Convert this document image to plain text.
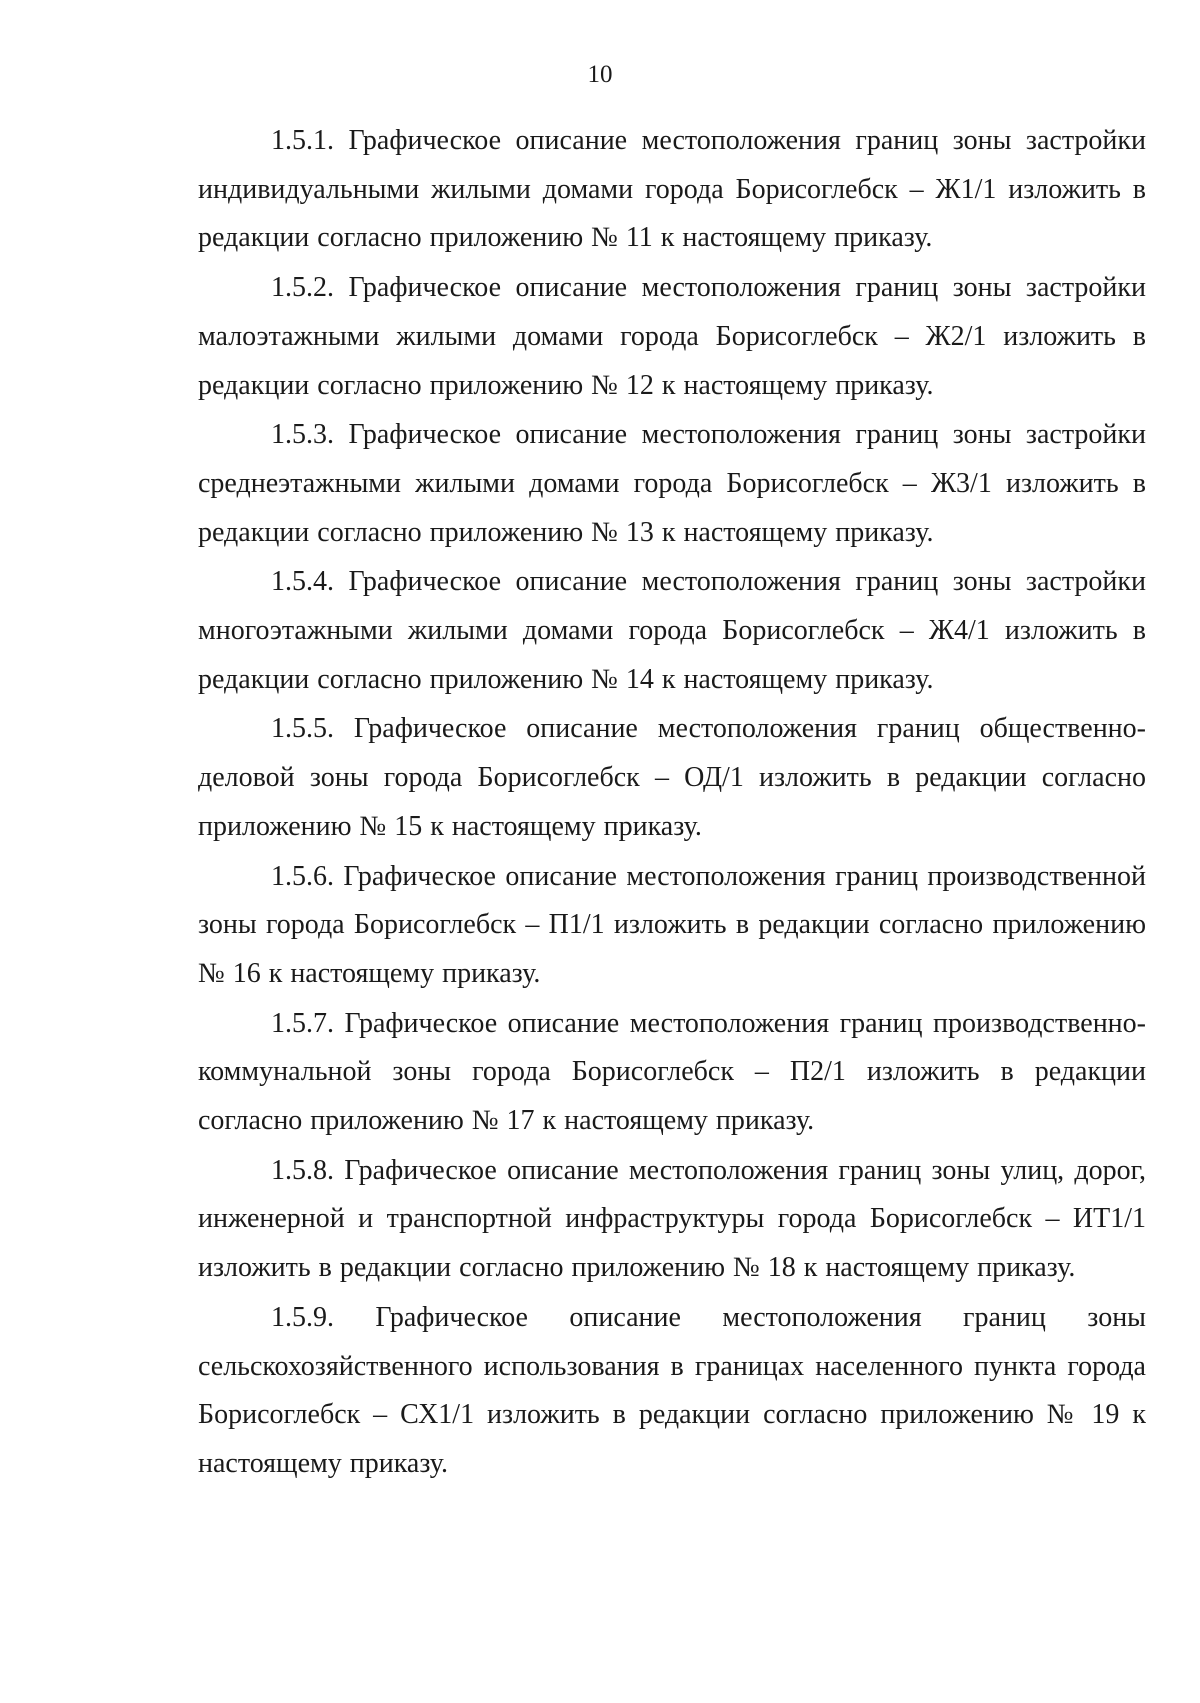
10

1.5.1. Графическое описание местоположения границ зоны застройки индивидуальными жилыми домами города Борисоглебск – Ж1/1 изложить в редакции согласно приложению № 11 к настоящему приказу.

1.5.2. Графическое описание местоположения границ зоны застройки малоэтажными жилыми домами города Борисоглебск – Ж2/1 изложить в редакции согласно приложению № 12 к настоящему приказу.

1.5.3. Графическое описание местоположения границ зоны застройки среднеэтажными жилыми домами города Борисоглебск – Ж3/1 изложить в редакции согласно приложению № 13 к настоящему приказу.

1.5.4. Графическое описание местоположения границ зоны застройки многоэтажными жилыми домами города Борисоглебск – Ж4/1 изложить в редакции согласно приложению № 14 к настоящему приказу.

1.5.5. Графическое описание местоположения границ общественно-деловой зоны города Борисоглебск – ОД/1 изложить в редакции согласно приложению № 15 к настоящему приказу.

1.5.6. Графическое описание местоположения границ производственной зоны города Борисоглебск – П1/1 изложить в редакции согласно приложению № 16 к настоящему приказу.

1.5.7. Графическое описание местоположения границ производственно-коммунальной зоны города Борисоглебск – П2/1 изложить в редакции согласно приложению № 17 к настоящему приказу.

1.5.8. Графическое описание местоположения границ зоны улиц, дорог, инженерной и транспортной инфраструктуры города Борисоглебск – ИТ1/1 изложить в редакции согласно приложению № 18 к настоящему приказу.

1.5.9. Графическое описание местоположения границ зоны сельскохозяйственного использования в границах населенного пункта города Борисоглебск – СХ1/1 изложить в редакции согласно приложению № 19 к настоящему приказу.
